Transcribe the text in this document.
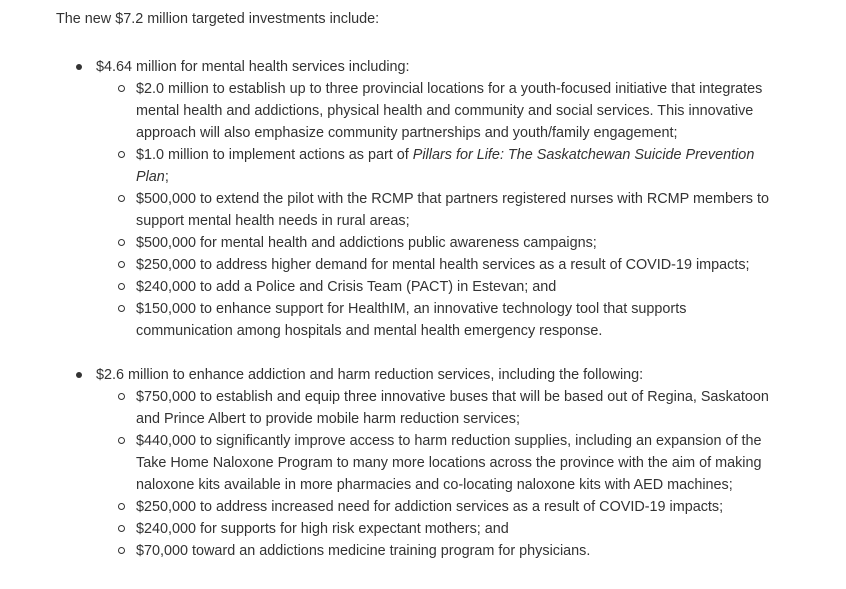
The new $7.2 million targeted investments include:

$4.64 million for mental health services including:
$2.0 million to establish up to three provincial locations for a youth-focused initiative that integrates mental health and addictions, physical health and community and social services. This innovative approach will also emphasize community partnerships and youth/family engagement;
$1.0 million to implement actions as part of Pillars for Life: The Saskatchewan Suicide Prevention Plan;
$500,000 to extend the pilot with the RCMP that partners registered nurses with RCMP members to support mental health needs in rural areas;
$500,000 for mental health and addictions public awareness campaigns;
$250,000 to address higher demand for mental health services as a result of COVID-19 impacts;
$240,000 to add a Police and Crisis Team (PACT) in Estevan; and
$150,000 to enhance support for HealthIM, an innovative technology tool that supports communication among hospitals and mental health emergency response.
$2.6 million to enhance addiction and harm reduction services, including the following:
$750,000 to establish and equip three innovative buses that will be based out of Regina, Saskatoon and Prince Albert to provide mobile harm reduction services;
$440,000 to significantly improve access to harm reduction supplies, including an expansion of the Take Home Naloxone Program to many more locations across the province with the aim of making naloxone kits available in more pharmacies and co-locating naloxone kits with AED machines;
$250,000 to address increased need for addiction services as a result of COVID-19 impacts;
$240,000 for supports for high risk expectant mothers; and
$70,000 toward an addictions medicine training program for physicians.
